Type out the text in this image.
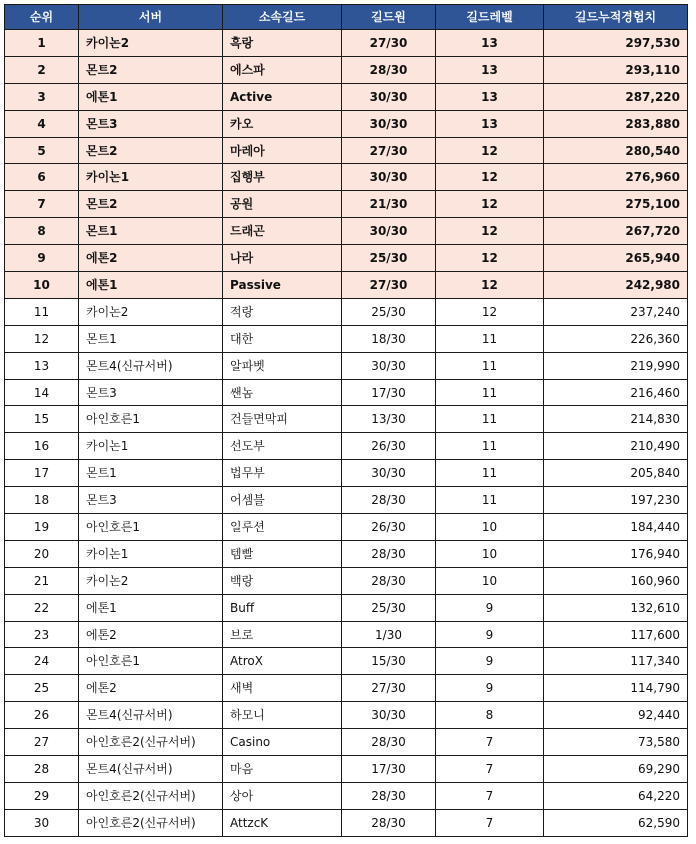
순위	서버	소속길드	길드원	길드레벨	길드누적경험치
1	카이논2	흑랑	27/30	13	297,530
2	몬트2	에스파	28/30	13	293,110
3	에톤1	Active	30/30	13	287,220
4	몬트3	카오	30/30	13	283,880
5	몬트2	마레아	27/30	12	280,540
6	카이논1	집행부	30/30	12	276,960
7	몬트2	공원	21/30	12	275,100
8	몬트1	드래곤	30/30	12	267,720
9	에톤2	나라	25/30	12	265,940
10	에톤1	Passive	27/30	12	242,980
11	카이논2	적랑	25/30	12	237,240
12	몬트1	대한	18/30	11	226,360
13	몬트4(신규서버)	알파벳	30/30	11	219,990
14	몬트3	쌘놈	17/30	11	216,460
15	아인호른1	건들면막피	13/30	11	214,830
16	카이논1	선도부	26/30	11	210,490
17	몬트1	법무부	30/30	11	205,840
18	몬트3	어셈블	28/30	11	197,230
19	아인호른1	일루션	26/30	10	184,440
20	카이논1	템빨	28/30	10	176,940
21	카이논2	백랑	28/30	10	160,960
22	에톤1	Buff	25/30	9	132,610
23	에톤2	브로	1/30	9	117,600
24	아인호른1	AtroX	15/30	9	117,340
25	에톤2	새벽	27/30	9	114,790
26	몬트4(신규서버)	하모니	30/30	8	92,440
27	아인호른2(신규서버)	Casino	28/30	7	73,580
28	몬트4(신규서버)	마음	17/30	7	69,290
29	아인호른2(신규서버)	상아	28/30	7	64,220
30	아인호른2(신규서버)	AttzcK	28/30	7	62,590
